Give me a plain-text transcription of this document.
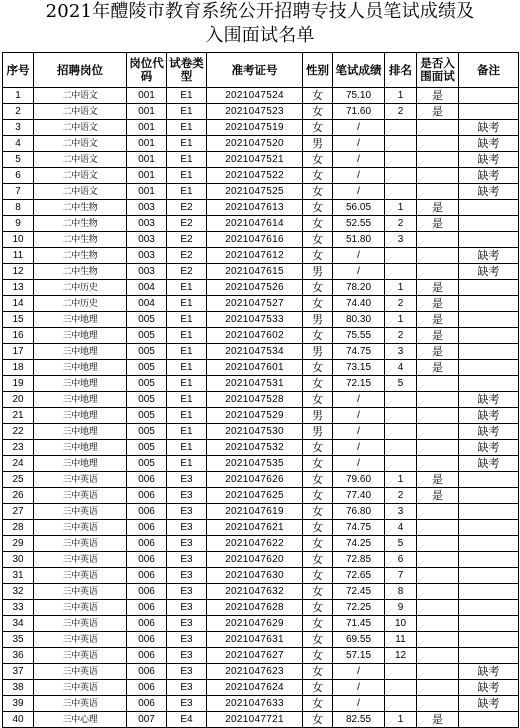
2021年醴陵市教育系统公开招聘专技人员笔试成绩及
入围面试名单
序号	招聘岗位	岗位代码	试卷类型	准考证号	性别	笔试成绩	排名	是否入围面试	备注
1	二中语文	001	E1	2021047524	女	75.10	1	是	
2	二中语文	001	E1	2021047523	女	71.60	2	是	
3	二中语文	001	E1	2021047519	女	/			缺考
4	二中语文	001	E1	2021047520	男	/			缺考
5	二中语文	001	E1	2021047521	女	/			缺考
6	二中语文	001	E1	2021047522	女	/			缺考
7	二中语文	001	E1	2021047525	女	/			缺考
8	二中生物	003	E2	2021047613	女	56.05	1	是	
9	二中生物	003	E2	2021047614	女	52.55	2	是	
10	二中生物	003	E2	2021047616	女	51.80	3		
11	二中生物	003	E2	2021047612	女	/			缺考
12	二中生物	003	E2	2021047615	男	/			缺考
13	二中历史	004	E1	2021047526	女	78.20	1	是	
14	二中历史	004	E1	2021047527	女	74.40	2	是	
15	三中地理	005	E1	2021047533	男	80.30	1	是	
16	三中地理	005	E1	2021047602	女	75.55	2	是	
17	三中地理	005	E1	2021047534	男	74.75	3	是	
18	三中地理	005	E1	2021047601	女	73.15	4	是	
19	三中地理	005	E1	2021047531	女	72.15	5		
20	三中地理	005	E1	2021047528	女	/			缺考
21	三中地理	005	E1	2021047529	男	/			缺考
22	三中地理	005	E1	2021047530	男	/			缺考
23	三中地理	005	E1	2021047532	女	/			缺考
24	三中地理	005	E1	2021047535	女	/			缺考
25	三中英语	006	E3	2021047626	女	79.60	1	是	
26	三中英语	006	E3	2021047625	女	77.40	2	是	
27	三中英语	006	E3	2021047619	女	76.80	3		
28	三中英语	006	E3	2021047621	女	74.75	4		
29	三中英语	006	E3	2021047622	女	74.25	5		
30	三中英语	006	E3	2021047620	女	72.85	6		
31	三中英语	006	E3	2021047630	女	72.65	7		
32	三中英语	006	E3	2021047632	女	72.45	8		
33	三中英语	006	E3	2021047628	女	72.25	9		
34	三中英语	006	E3	2021047629	女	71.45	10		
35	三中英语	006	E3	2021047631	女	69.55	11		
36	三中英语	006	E3	2021047627	女	57.15	12		
37	三中英语	006	E3	2021047623	女	/			缺考
38	三中英语	006	E3	2021047624	女	/			缺考
39	三中英语	006	E3	2021047633	女	/			缺考
40	三中心理	007	E4	2021047721	女	82.55	1	是	
